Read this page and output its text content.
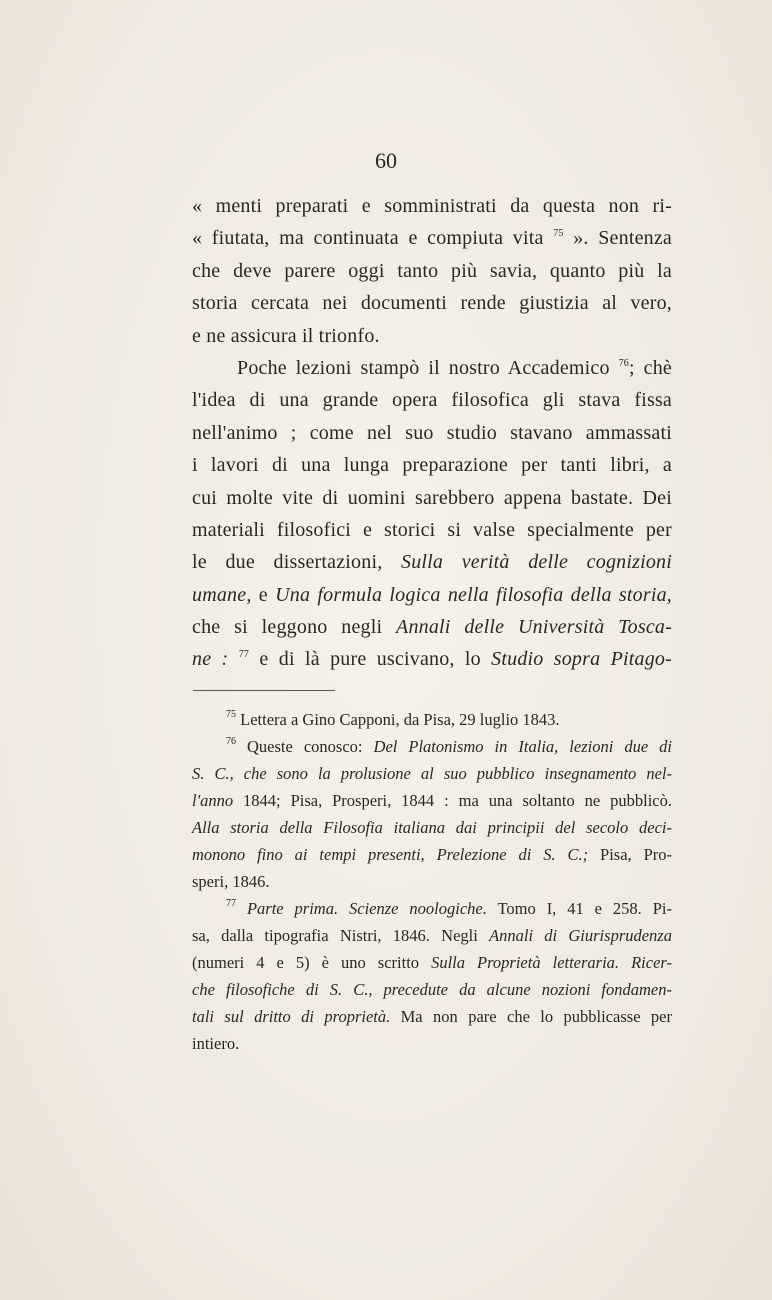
60
« menti preparati e somministrati da questa non ri-
« fiutata, ma continuata e compiuta vita $^{75}$ ». Sentenza
che deve parere oggi tanto più savia, quanto più la
storia cercata nei documenti rende giustizia al vero,
e ne assicura il trionfo.
Poche lezioni stampò il nostro Accademico $^{76}$; chè
l'idea di una grande opera filosofica gli stava fissa
nell'animo ; come nel suo studio stavano ammassati
i lavori di una lunga preparazione per tanti libri, a
cui molte vite di uomini sarebbero appena bastate. Dei
materiali filosofici e storici si valse specialmente per
le due dissertazioni, Sulla verità delle cognizioni
umane, e Una formula logica nella filosofia della storia,
che si leggono negli Annali delle Università Tosca-
ne : $^{77}$ e di là pure uscivano, lo Studio sopra Pitago-
$^{75}$ Lettera a Gino Capponi, da Pisa, 29 luglio 1843.
$^{76}$ Queste conosco: Del Platonismo in Italia, lezioni due di
S. C., che sono la prolusione al suo pubblico insegnamento nel-
l'anno 1844; Pisa, Prosperi, 1844 : ma una soltanto ne pubblicò.
Alla storia della Filosofia italiana dai principii del secolo deci-
monono fino ai tempi presenti, Prelezione di S. C.; Pisa, Pro-
speri, 1846.
$^{77}$ Parte prima. Scienze noologiche. Tomo I, 41 e 258. Pi-
sa, dalla tipografia Nistri, 1846. Negli Annali di Giurisprudenza
(numeri 4 e 5) è uno scritto Sulla Proprietà letteraria. Ricer-
che filosofiche di S. C., precedute da alcune nozioni fondamen-
tali sul dritto di proprietà. Ma non pare che lo pubblicasse per
intiero.
